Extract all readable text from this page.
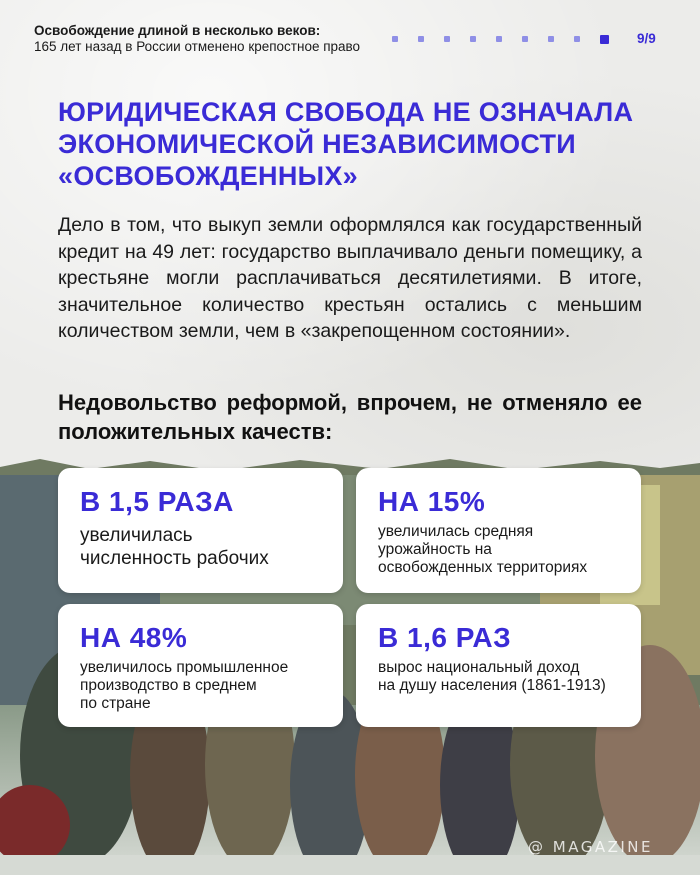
Освобождение длиной в несколько веков:
165 лет назад в России отменено крепостное право
9/9
ЮРИДИЧЕСКАЯ СВОБОДА НЕ ОЗНАЧАЛА ЭКОНОМИЧЕСКОЙ НЕЗАВИСИМОСТИ «ОСВОБОЖДЕННЫХ»
Дело в том, что выкуп земли оформлялся как государственный кредит на 49 лет: государство выплачивало деньги помещику, а крестьяне могли расплачиваться десятилетиями. В итоге, значительное количество крестьян остались с меньшим количеством земли, чем в «закрепощенном состоянии».
Недовольство реформой, впрочем, не отменяло ее положительных качеств:
В 1,5 РАЗА
увеличилась
численность рабочих
НА 15%
увеличилась средняя
урожайность на
освобожденных территориях
НА 48%
увеличилось промышленное
производство в среднем
по стране
В 1,6 РАЗ
вырос национальный доход
на душу населения (1861-1913)
@ MAGAZINE
